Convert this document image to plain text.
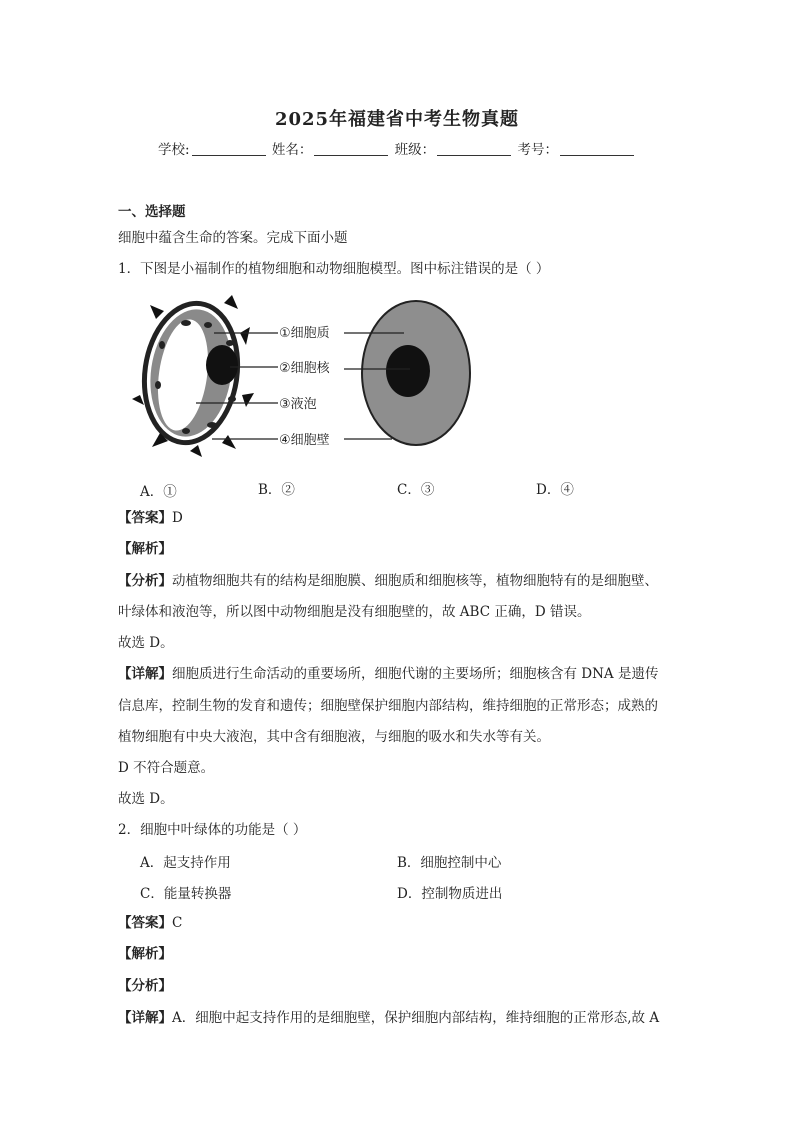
2025年福建省中考生物真题
学校:	姓名：	班级：	考号：
一、选择题
细胞中蕴含生命的答案。完成下面小题
1．下图是小福制作的植物细胞和动物细胞模型。图中标注错误的是（ ）
①细胞质
②细胞核
③液泡
④细胞壁
A．①	B．②	C．③	D．④
【答案】D
【解析】
【分析】动植物细胞共有的结构是细胞膜、细胞质和细胞核等，植物细胞特有的是细胞壁、
叶绿体和液泡等，所以图中动物细胞是没有细胞壁的，故 ABC 正确，D 错误。
故选 D。
【详解】细胞质进行生命活动的重要场所，细胞代谢的主要场所；细胞核含有 DNA 是遗传
信息库，控制生物的发育和遗传；细胞壁保护细胞内部结构，维持细胞的正常形态；成熟的
植物细胞有中央大液泡，其中含有细胞液，与细胞的吸水和失水等有关。
D 不符合题意。
故选 D。
2．细胞中叶绿体的功能是（ ）
A．起支持作用	B．细胞控制中心
C．能量转换器	D．控制物质进出
【答案】C
【解析】
【分析】
【详解】A．细胞中起支持作用的是细胞壁，保护细胞内部结构，维持细胞的正常形态,故 A
